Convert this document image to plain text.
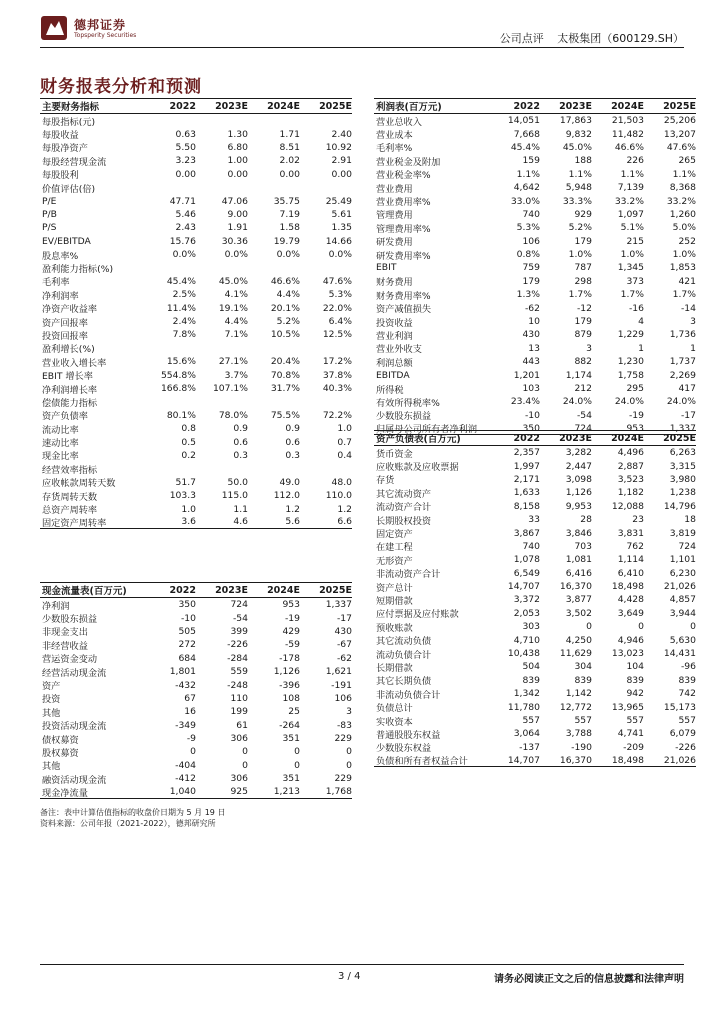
德邦证券
Topsperity Securities	公司点评 太极集团（600129.SH）
财务报表分析和预测
主要财务指标	2022	2023E	2024E	2025E
每股指标(元)
每股收益	0.63	1.30	1.71	2.40
每股净资产	5.50	6.80	8.51	10.92
每股经营现金流	3.23	1.00	2.02	2.91
每股股利	0.00	0.00	0.00	0.00
价值评估(倍)
P/E	47.71	47.06	35.75	25.49
P/B	5.46	9.00	7.19	5.61
P/S	2.43	1.91	1.58	1.35
EV/EBITDA	15.76	30.36	19.79	14.66
股息率%	0.0%	0.0%	0.0%	0.0%
盈利能力指标(%)
毛利率	45.4%	45.0%	46.6%	47.6%
净利润率	2.5%	4.1%	4.4%	5.3%
净资产收益率	11.4%	19.1%	20.1%	22.0%
资产回报率	2.4%	4.4%	5.2%	6.4%
投资回报率	7.8%	7.1%	10.5%	12.5%
盈利增长(%)
营业收入增长率	15.6%	27.1%	20.4%	17.2%
EBIT 增长率	554.8%	3.7%	70.8%	37.8%
净利润增长率	166.8%	107.1%	31.7%	40.3%
偿债能力指标
资产负债率	80.1%	78.0%	75.5%	72.2%
流动比率	0.8	0.9	0.9	1.0
速动比率	0.5	0.6	0.6	0.7
现金比率	0.2	0.3	0.3	0.4
经营效率指标
应收帐款周转天数	51.7	50.0	49.0	48.0
存货周转天数	103.3	115.0	112.0	110.0
总资产周转率	1.0	1.1	1.2	1.2
固定资产周转率	3.6	4.6	5.6	6.6
利润表(百万元)	2022	2023E	2024E	2025E
营业总收入	14,051	17,863	21,503	25,206
营业成本	7,668	9,832	11,482	13,207
毛利率%	45.4%	45.0%	46.6%	47.6%
营业税金及附加	159	188	226	265
营业税金率%	1.1%	1.1%	1.1%	1.1%
营业费用	4,642	5,948	7,139	8,368
营业费用率%	33.0%	33.3%	33.2%	33.2%
管理费用	740	929	1,097	1,260
管理费用率%	5.3%	5.2%	5.1%	5.0%
研发费用	106	179	215	252
研发费用率%	0.8%	1.0%	1.0%	1.0%
EBIT	759	787	1,345	1,853
财务费用	179	298	373	421
财务费用率%	1.3%	1.7%	1.7%	1.7%
资产减值损失	-62	-12	-16	-14
投资收益	10	179	4	3
营业利润	430	879	1,229	1,736
营业外收支	13	3	1	1
利润总额	443	882	1,230	1,737
EBITDA	1,201	1,174	1,758	2,269
所得税	103	212	295	417
有效所得税率%	23.4%	24.0%	24.0%	24.0%
少数股东损益	-10	-54	-19	-17
归属母公司所有者净利润	350	724	953	1,337
资产负债表(百万元)	2022	2023E	2024E	2025E
货币资金	2,357	3,282	4,496	6,263
应收账款及应收票据	1,997	2,447	2,887	3,315
存货	2,171	3,098	3,523	3,980
其它流动资产	1,633	1,126	1,182	1,238
流动资产合计	8,158	9,953	12,088	14,796
长期股权投资	33	28	23	18
固定资产	3,867	3,846	3,831	3,819
在建工程	740	703	762	724
无形资产	1,078	1,081	1,114	1,101
非流动资产合计	6,549	6,416	6,410	6,230
资产总计	14,707	16,370	18,498	21,026
短期借款	3,372	3,877	4,428	4,857
应付票据及应付账款	2,053	3,502	3,649	3,944
预收账款	303	0	0	0
其它流动负债	4,710	4,250	4,946	5,630
流动负债合计	10,438	11,629	13,023	14,431
长期借款	504	304	104	-96
其它长期负债	839	839	839	839
非流动负债合计	1,342	1,142	942	742
负债总计	11,780	12,772	13,965	15,173
实收资本	557	557	557	557
普通股股东权益	3,064	3,788	4,741	6,079
少数股东权益	-137	-190	-209	-226
负债和所有者权益合计	14,707	16,370	18,498	21,026
现金流量表(百万元)	2022	2023E	2024E	2025E
净利润	350	724	953	1,337
少数股东损益	-10	-54	-19	-17
非现金支出	505	399	429	430
非经营收益	272	-226	-59	-67
营运资金变动	684	-284	-178	-62
经营活动现金流	1,801	559	1,126	1,621
资产	-432	-248	-396	-191
投资	67	110	108	106
其他	16	199	25	3
投资活动现金流	-349	61	-264	-83
债权募资	-9	306	351	229
股权募资	0	0	0	0
其他	-404	0	0	0
融资活动现金流	-412	306	351	229
现金净流量	1,040	925	1,213	1,768
备注：表中计算估值指标的收盘价日期为 5 月 19 日
资料来源：公司年报（2021-2022），德邦研究所
3 / 4	请务必阅读正文之后的信息披露和法律声明
